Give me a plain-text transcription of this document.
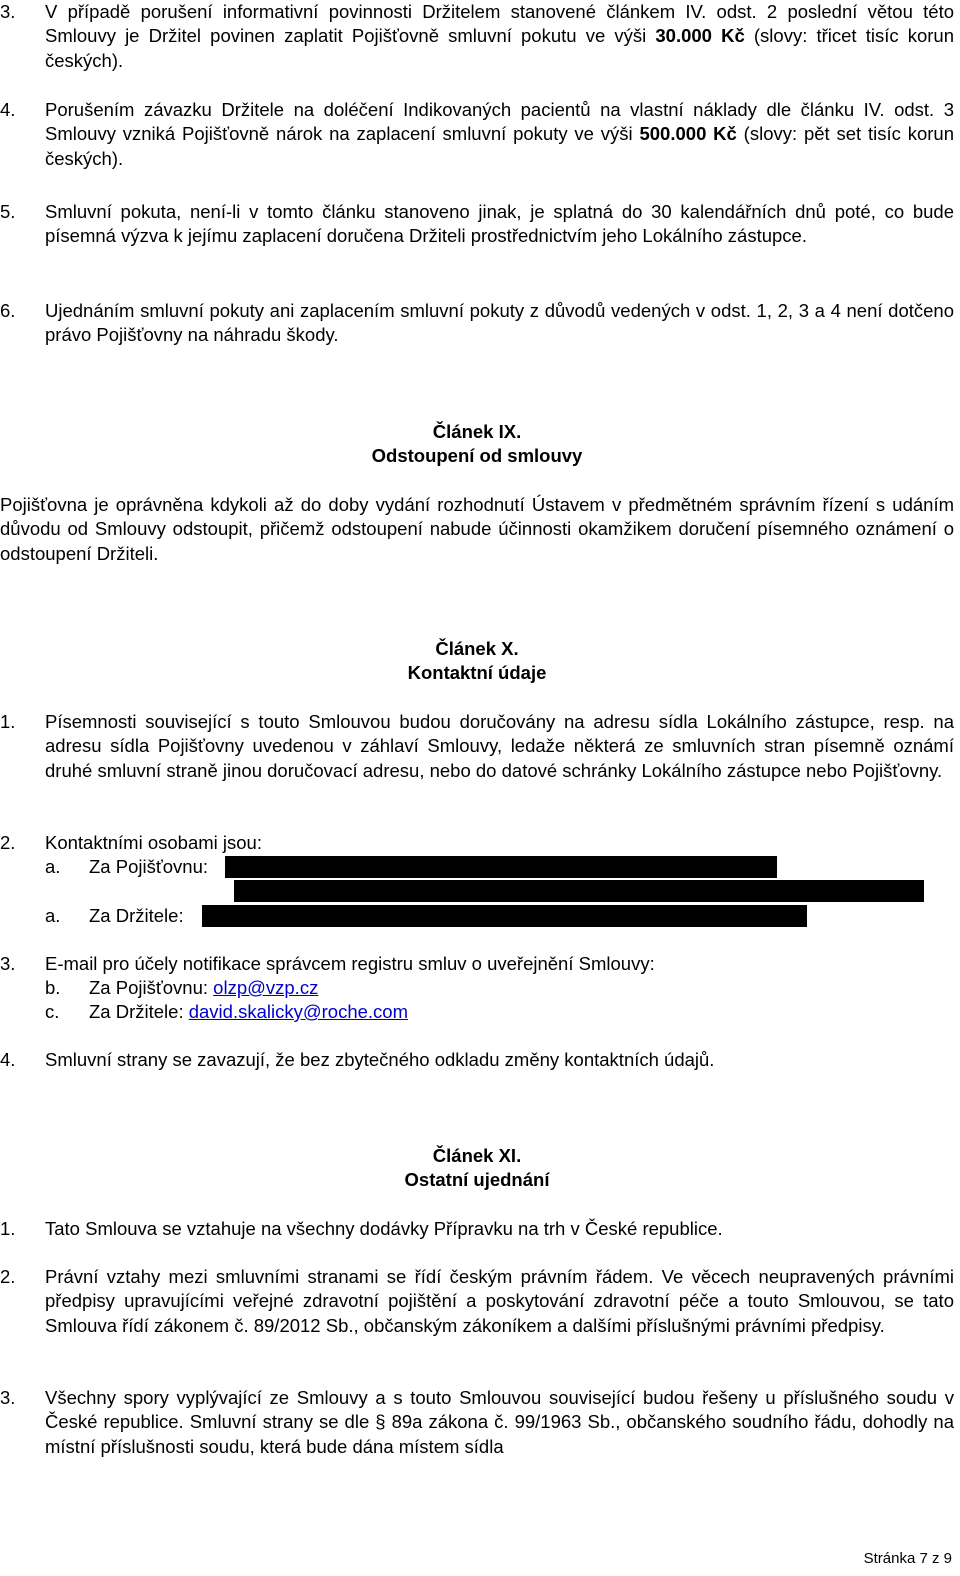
3.	V případě porušení informativní povinnosti Držitelem stanovené článkem IV. odst. 2 poslední větou této Smlouvy je Držitel povinen zaplatit Pojišťovně smluvní pokutu ve výši 30.000 Kč (slovy: třicet tisíc korun českých).
4.	Porušením závazku Držitele na doléčení Indikovaných pacientů na vlastní náklady dle článku IV. odst. 3 Smlouvy vzniká Pojišťovně nárok na zaplacení smluvní pokuty ve výši 500.000 Kč (slovy: pět set tisíc korun českých).
5.	Smluvní pokuta, není-li v tomto článku stanoveno jinak, je splatná do 30 kalendářních dnů poté, co bude písemná výzva k jejímu zaplacení doručena Držiteli prostřednictvím jeho Lokálního zástupce.
6.	Ujednáním smluvní pokuty ani zaplacením smluvní pokuty z důvodů vedených v odst. 1, 2, 3 a 4 není dotčeno právo Pojišťovny na náhradu škody.
Článek IX.
Odstoupení od smlouvy
Pojišťovna je oprávněna kdykoli až do doby vydání rozhodnutí Ústavem v předmětném správním řízení s udáním důvodu od Smlouvy odstoupit, přičemž odstoupení nabude účinnosti okamžikem doručení písemného oznámení o odstoupení Držiteli.
Článek X.
Kontaktní údaje
1.	Písemnosti související s touto Smlouvou budou doručovány na adresu sídla Lokálního zástupce, resp. na adresu sídla Pojišťovny uvedenou v záhlaví Smlouvy, ledaže některá ze smluvních stran písemně oznámí druhé smluvní straně jinou doručovací adresu, nebo do datové schránky Lokálního zástupce nebo Pojišťovny.
2.	Kontaktními osobami jsou:
a. Za Pojišťovnu:
a. Za Držitele:
3.	E-mail pro účely notifikace správcem registru smluv o uveřejnění Smlouvy:
b. Za Pojišťovnu: olzp@vzp.cz
c. Za Držitele: david.skalicky@roche.com
4.	Smluvní strany se zavazují, že bez zbytečného odkladu změny kontaktních údajů.
Článek XI.
Ostatní ujednání
1.	Tato Smlouva se vztahuje na všechny dodávky Přípravku na trh v České republice.
2.	Právní vztahy mezi smluvními stranami se řídí českým právním řádem. Ve věcech neupravených právními předpisy upravujícími veřejné zdravotní pojištění a poskytování zdravotní péče a touto Smlouvou, se tato Smlouva řídí zákonem č. 89/2012 Sb., občanským zákoníkem a dalšími příslušnými právními předpisy.
3.	Všechny spory vyplývající ze Smlouvy a s touto Smlouvou související budou řešeny u příslušného soudu v České republice. Smluvní strany se dle § 89a zákona č. 99/1963 Sb., občanského soudního řádu, dohodly na místní příslušnosti soudu, která bude dána místem sídla
Stránka 7 z 9
